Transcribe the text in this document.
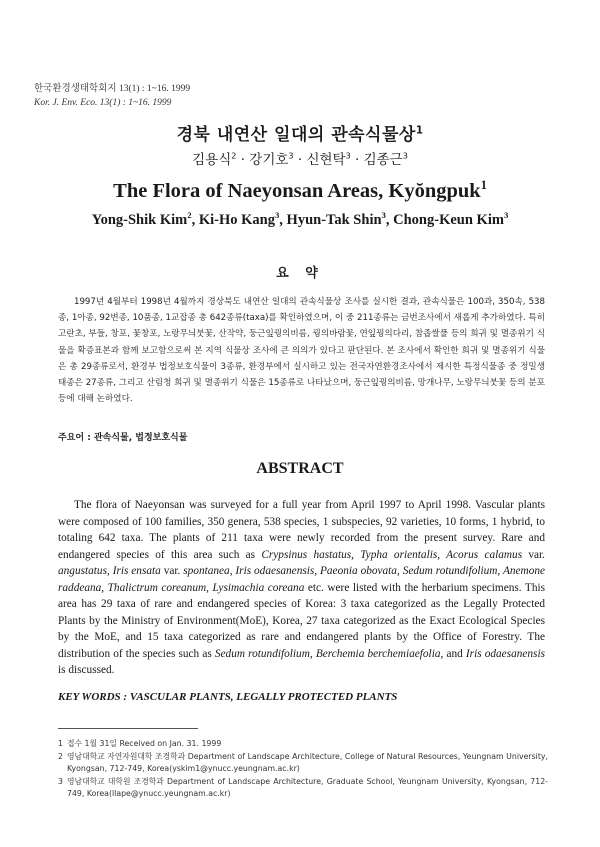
한국환경생태학회지 13(1) : 1~16. 1999
Kor. J. Env. Eco. 13(1) : 1~16. 1999
경북 내연산 일대의 관속식물상$^1$
김용식$^2$ · 강기호$^3$ · 신현탁$^3$ · 김종근$^3$
The Flora of Naeyonsan Areas, Kyŏngpuk$^1$
Yong-Shik Kim$^2$, Ki-Ho Kang$^3$, Hyun-Tak Shin$^3$, Chong-Keun Kim$^3$
요 약

1997년 4월부터 1998년 4월까지 경상북도 내연산 일대의 관속식물상 조사를 실시한 결과, 관속식물은 100과, 350속, 538종, 1아종, 92변종, 10품종, 1교잡종 총 642종류(taxa)를 확인하였으며, 이 중 211종류는 금번조사에서 새롭게 추가하였다. 특히 고란초, 부들, 창포, 꽃창포, 노랑무늬붓꽃, 산작약, 둥근잎꿩의비름, 꿩의바람꽃, 연잎꿩의다리, 참좁쌀풀 등의 희귀 및 멸종위기 식물을 확증표본과 함께 보고함으로써 본 지역 식물상 조사에 큰 의의가 있다고 판단된다. 본 조사에서 확인한 희귀 및 멸종위기 식물은 총 29종류로서, 환경부 법정보호식물이 3종류, 환경부에서 실시하고 있는 전국자연환경조사에서 제시한 특정식물종 중 정밀생태종은 27종류, 그리고 산림청 희귀 및 멸종위기 식물은 15종류로 나타났으며, 둥근잎꿩의비름, 망개나무, 노랑무늬붓꽃 등의 분포 등에 대해 논하였다.

주요어 : 관속식물, 법정보호식물
ABSTRACT

The flora of Naeyonsan was surveyed for a full year from April 1997 to April 1998. Vascular plants were composed of 100 families, 350 genera, 538 species, 1 subspecies, 92 varieties, 10 forms, 1 hybrid, to totaling 642 taxa. The plants of 211 taxa were newly recorded from the present survey. Rare and endangered species of this area such as Crypsinus hastatus, Typha orientalis, Acorus calamus var. angustatus, Iris ensata var. spontanea, Iris odaesanensis, Paeonia obovata, Sedum rotundifolium, Anemone raddeana, Thalictrum coreanum, Lysimachia coreana etc. were listed with the herbarium specimens. This area has 29 taxa of rare and endangered species of Korea: 3 taxa categorized as the Legally Protected Plants by the Ministry of Environment(MoE), Korea, 27 taxa categorized as the Exact Ecological Species by the MoE, and 15 taxa categorized as rare and endangered plants by the Office of Forestry. The distribution of the species such as Sedum rotundifolium, Berchemia berchemiaefolia, and Iris odaesanensis is discussed.

KEY WORDS : VASCULAR PLANTS, LEGALLY PROTECTED PLANTS
1 접수 1월 31일 Received on Jan. 31. 1999
2 영남대학교 자연자원대학 조경학과 Department of Landscape Architecture, College of Natural Resources, Yeungnam University, Kyongsan, 712-749, Korea(yskim1@ynucc.yeungnam.ac.kr)
3 영남대학교 대학원 조경학과 Department of Landscape Architecture, Graduate School, Yeungnam University, Kyongsan, 712-749, Korea(llape@ynucc.yeungnam.ac.kr)
